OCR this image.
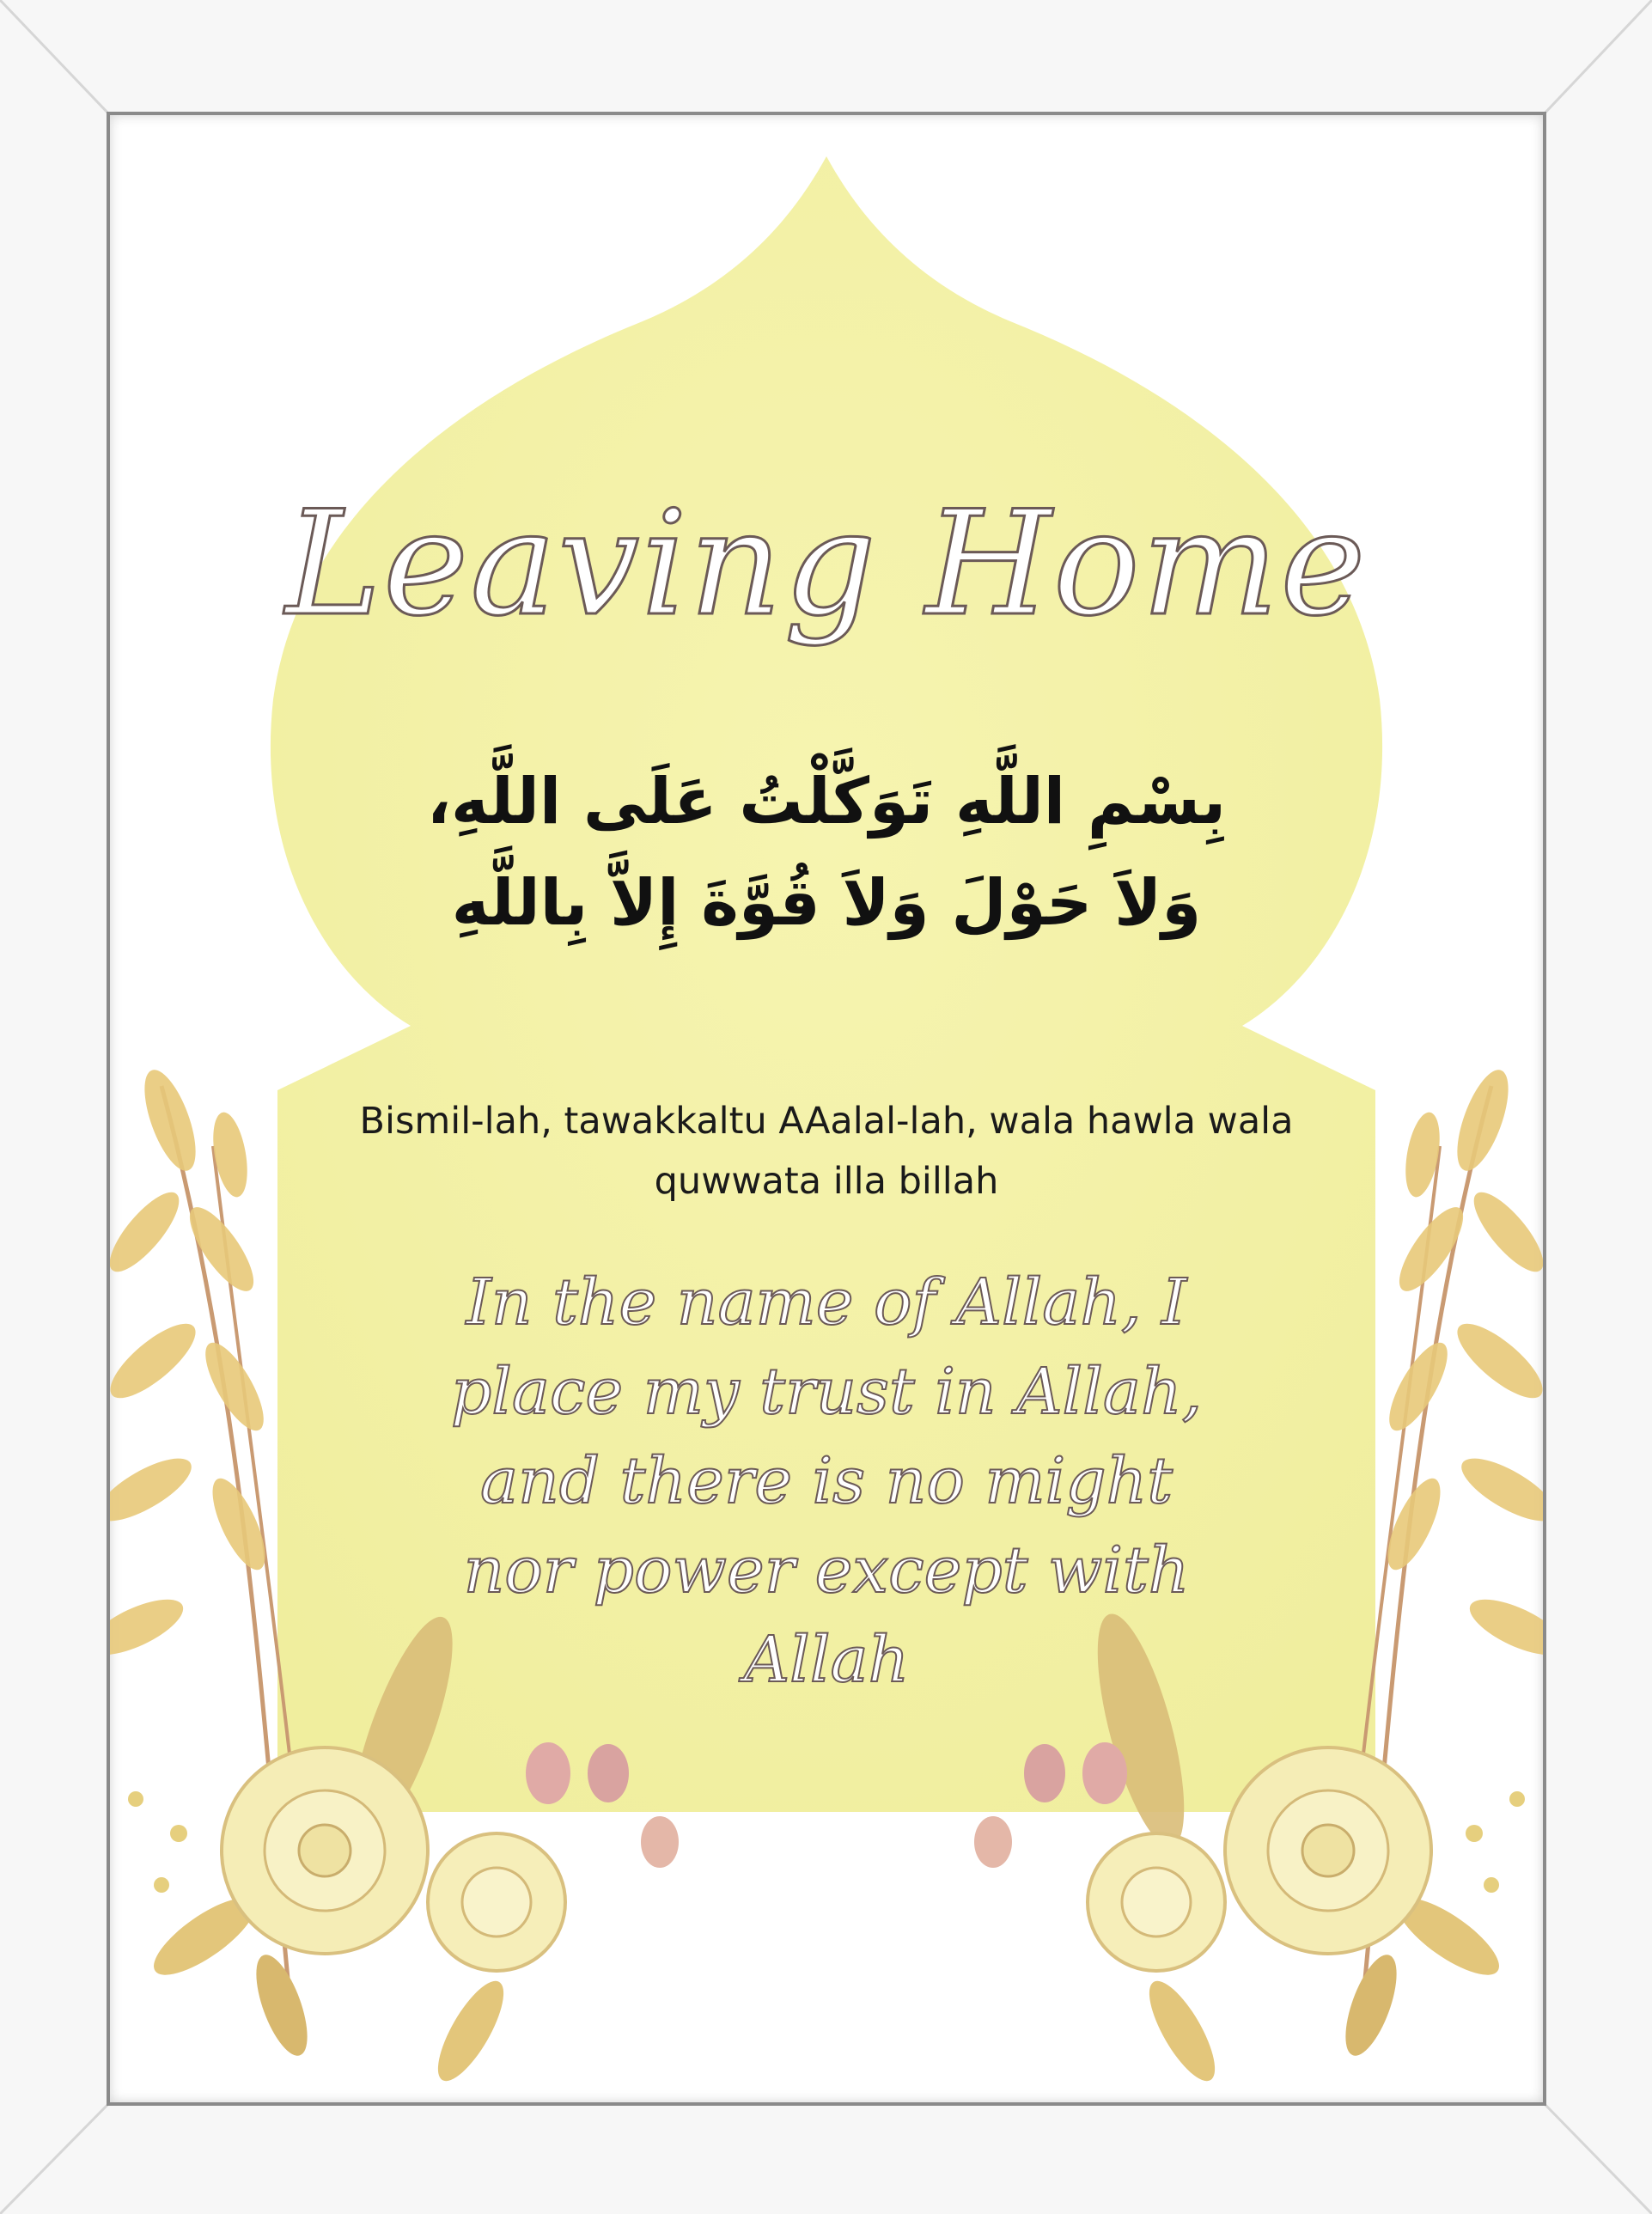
Leaving Home
بِسْمِ اللَّهِ تَوَكَّلْتُ عَلَى اللَّهِ، وَلاَ حَوْلَ وَلاَ قُوَّةَ إِلاَّ بِاللَّهِ
Bismil-lah, tawakkaltu AAalal-lah, wala hawla wala quwwata illa billah
In the name of Allah, I place my trust in Allah, and there is no might nor power except with Allah
